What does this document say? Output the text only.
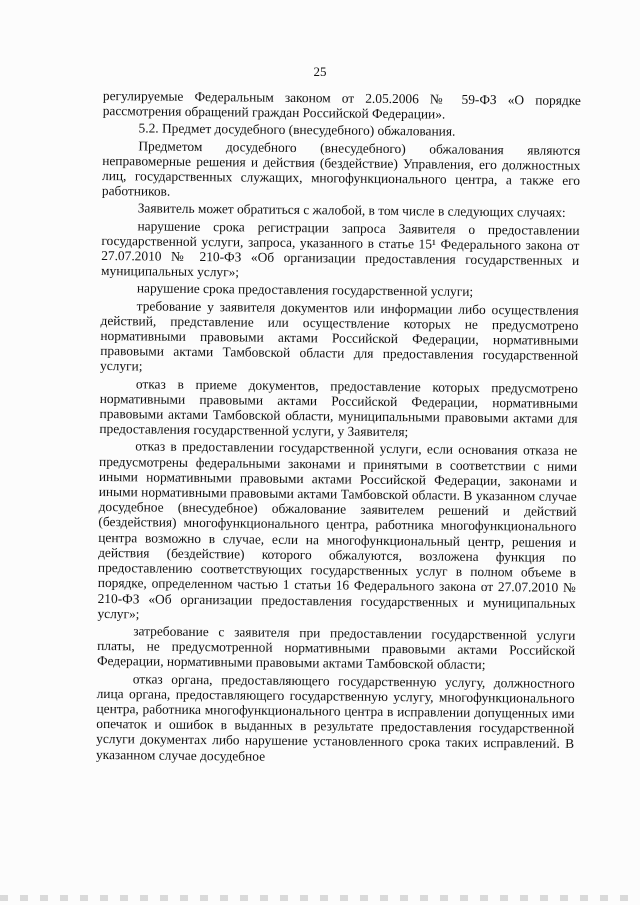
25

регулируемые Федеральным законом от 2.05.2006 № 59-ФЗ «О порядке рассмотрения обращений граждан Российской Федерации».

5.2. Предмет досудебного (внесудебного) обжалования.

Предметом досудебного (внесудебного) обжалования являются неправомерные решения и действия (бездействие) Управления, его должностных лиц, государственных служащих, многофункционального центра, а также его работников.

Заявитель может обратиться с жалобой, в том числе в следующих случаях:

нарушение срока регистрации запроса Заявителя о предоставлении государственной услуги, запроса, указанного в статье 15¹ Федерального закона от 27.07.2010 № 210-ФЗ «Об организации предоставления государственных и муниципальных услуг»;

нарушение срока предоставления государственной услуги;

требование у заявителя документов или информации либо осуществления действий, представление или осуществление которых не предусмотрено нормативными правовыми актами Российской Федерации, нормативными правовыми актами Тамбовской области для предоставления государственной услуги;

отказ в приеме документов, предоставление которых предусмотрено нормативными правовыми актами Российской Федерации, нормативными правовыми актами Тамбовской области, муниципальными правовыми актами для предоставления государственной услуги, у Заявителя;

отказ в предоставлении государственной услуги, если основания отказа не предусмотрены федеральными законами и принятыми в соответствии с ними иными нормативными правовыми актами Российской Федерации, законами и иными нормативными правовыми актами Тамбовской области. В указанном случае досудебное (внесудебное) обжалование заявителем решений и действий (бездействия) многофункционального центра, работника многофункционального центра возможно в случае, если на многофункциональный центр, решения и действия (бездействие) которого обжалуются, возложена функция по предоставлению соответствующих государственных услуг в полном объеме в порядке, определенном частью 1 статьи 16 Федерального закона от 27.07.2010 № 210-ФЗ «Об организации предоставления государственных и муниципальных услуг»;

затребование с заявителя при предоставлении государственной услуги платы, не предусмотренной нормативными правовыми актами Российской Федерации, нормативными правовыми актами Тамбовской области;

отказ органа, предоставляющего государственную услугу, должностного лица органа, предоставляющего государственную услугу, многофункционального центра, работника многофункционального центра в исправлении допущенных ими опечаток и ошибок в выданных в результате предоставления государственной услуги документах либо нарушение установленного срока таких исправлений. В указанном случае досудебное
